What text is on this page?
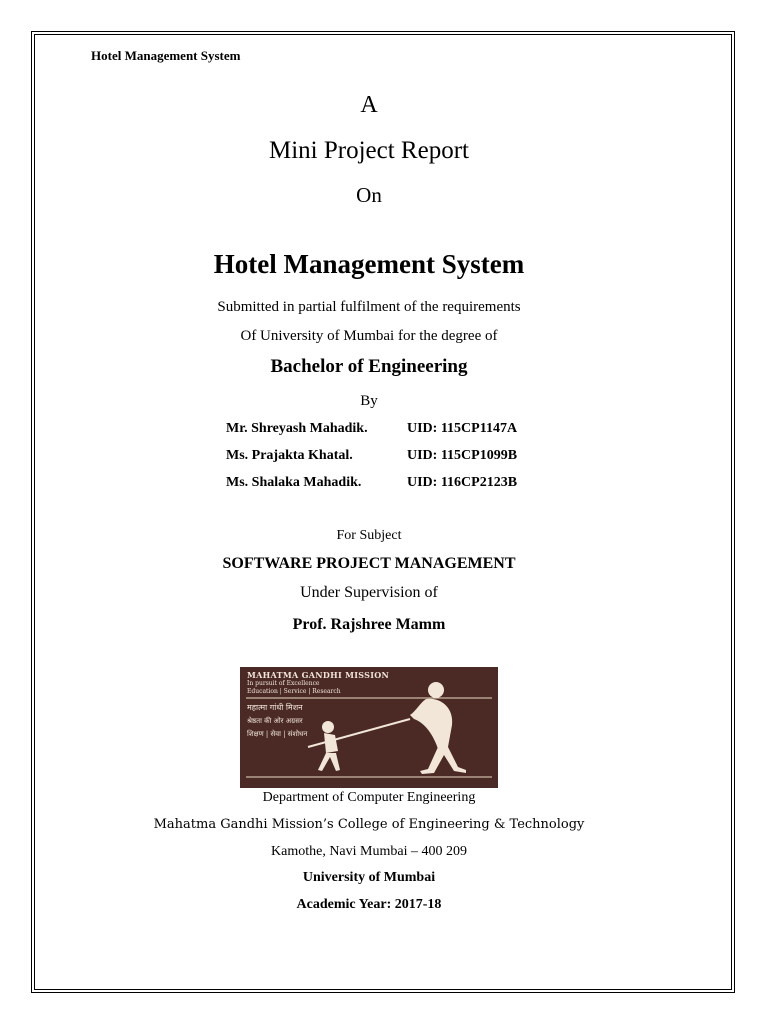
Hotel Management System
A
Mini Project Report
On
Hotel Management System
Submitted in partial fulfilment of the requirements
Of University of Mumbai for the degree of
Bachelor of Engineering
By
Mr. Shreyash Mahadik.	UID: 115CP1147A
Ms. Prajakta Khatal.	UID: 115CP1099B
Ms. Shalaka Mahadik.	UID: 116CP2123B
For Subject
SOFTWARE PROJECT MANAGEMENT
Under Supervision of
Prof. Rajshree Mamm
MAHATMA GANDHI MISSION
In pursuit of Excellence
Education | Service | Research
महात्मा गांधी मिशन
श्रेष्ठता की ओर अग्रसर
शिक्षण | सेवा | संशोधन
Department of Computer Engineering
Mahatma Gandhi Mission’s College of Engineering & Technology
Kamothe, Navi Mumbai – 400 209
University of Mumbai
Academic Year: 2017-18
